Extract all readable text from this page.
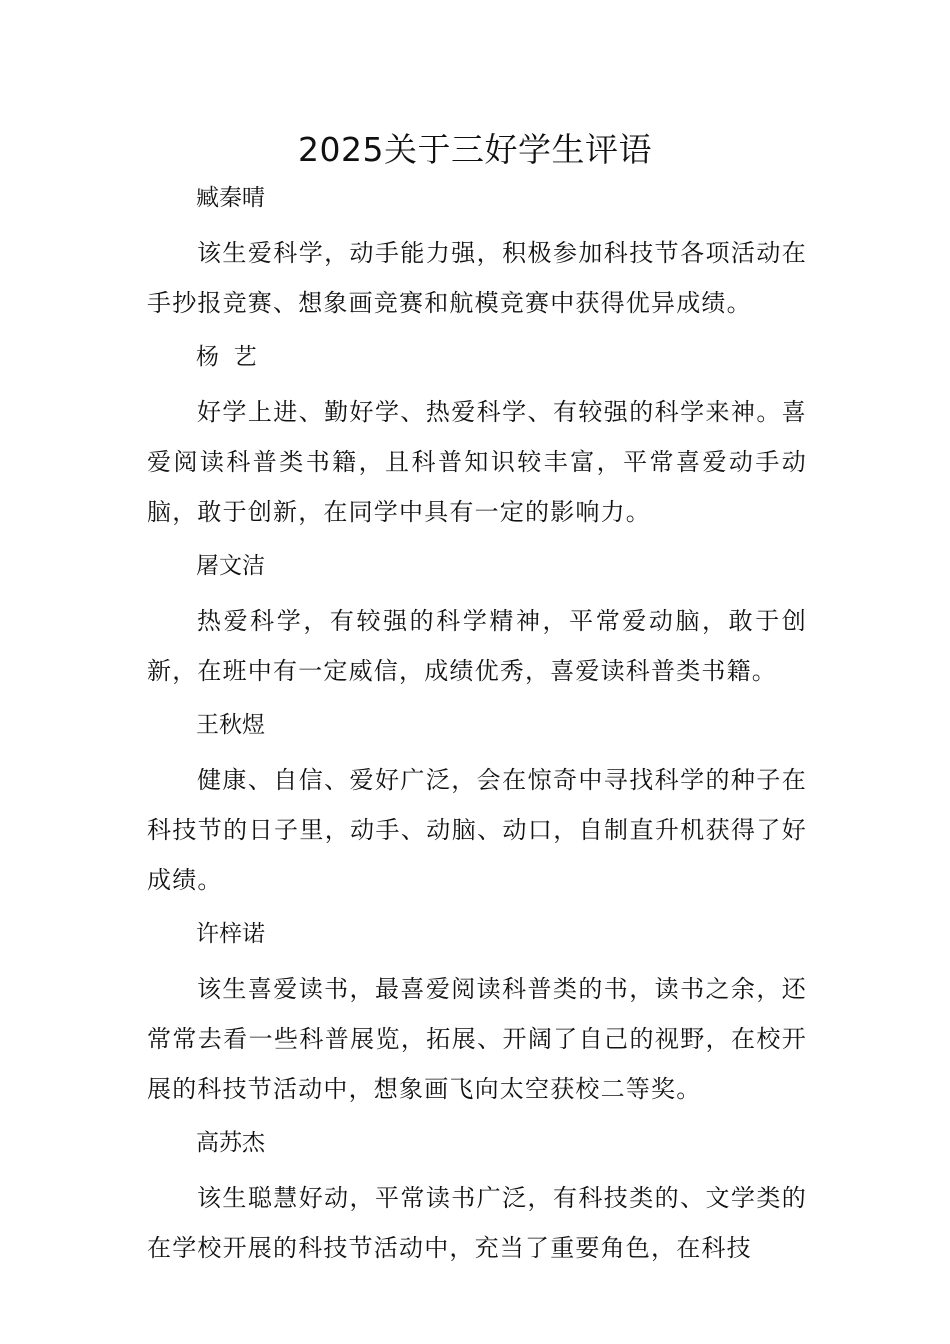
2025关于三好学生评语

臧秦晴

该生爱科学，动手能力强，积极参加科技节各项活动在手抄报竞赛、想象画竞赛和航模竞赛中获得优异成绩。

杨  艺

好学上进、勤好学、热爱科学、有较强的科学来神。喜爱阅读科普类书籍，且科普知识较丰富，平常喜爱动手动脑，敢于创新，在同学中具有一定的影响力。

屠文洁

热爱科学，有较强的科学精神，平常爱动脑，敢于创新，在班中有一定威信，成绩优秀，喜爱读科普类书籍。

王秋煜

健康、自信、爱好广泛，会在惊奇中寻找科学的种子在科技节的日子里，动手、动脑、动口，自制直升机获得了好成绩。

许梓诺

该生喜爱读书，最喜爱阅读科普类的书，读书之余，还常常去看一些科普展览，拓展、开阔了自己的视野，在校开展的科技节活动中，想象画飞向太空获校二等奖。

高苏杰

该生聪慧好动，平常读书广泛，有科技类的、文学类的在学校开展的科技节活动中，充当了重要角色，在科技
